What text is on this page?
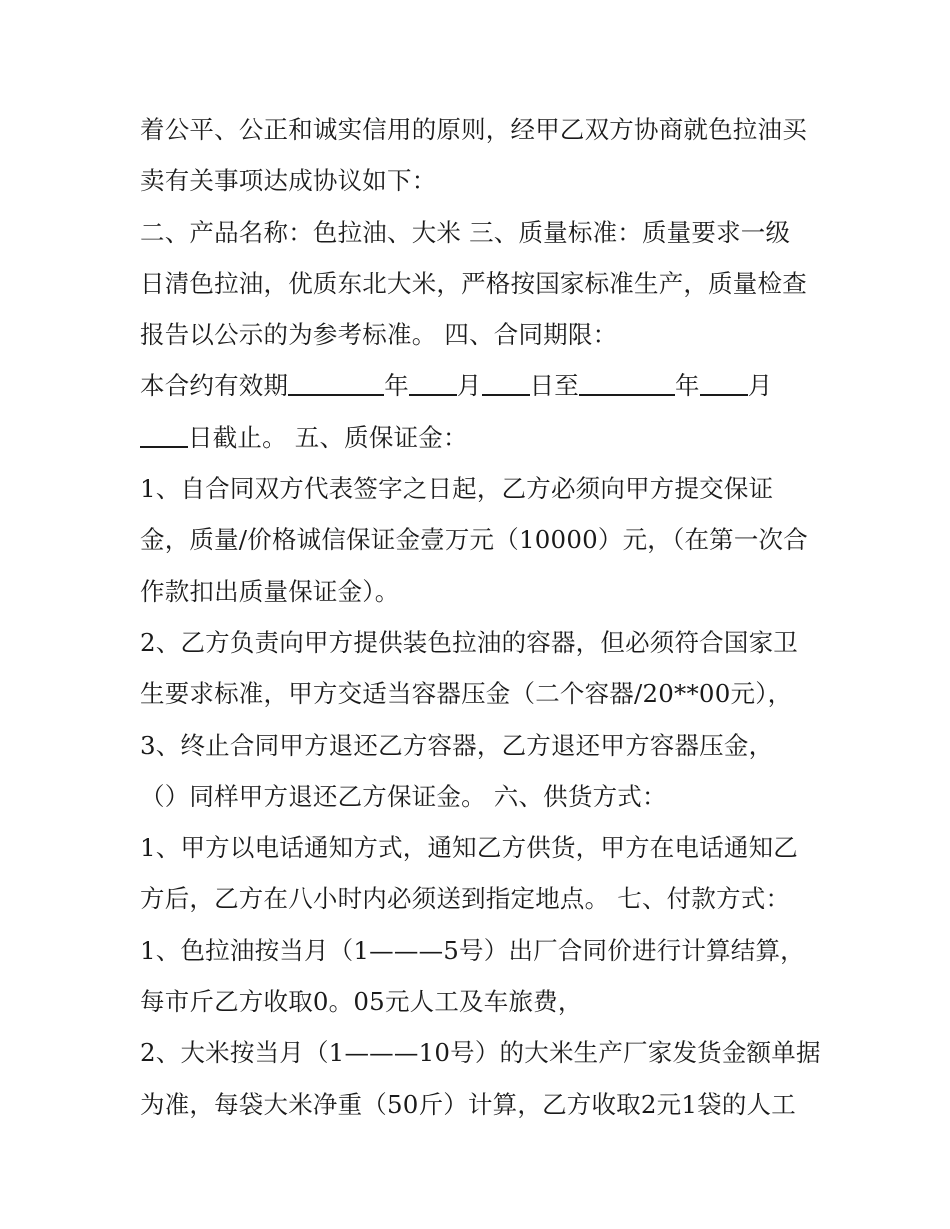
着公平、公正和诚实信用的原则，经甲乙双方协商就色拉油买
卖有关事项达成协议如下：
二、产品名称：色拉油、大米 三、质量标准：质量要求一级
日清色拉油，优质东北大米，严格按国家标准生产，质量检查
报告以公示的为参考标准。 四、合同期限：
本合约有效期	年 月 日至	年 月
日截止。 五、质保证金：
1、自合同双方代表签字之日起，乙方必须向甲方提交保证
金，质量/价格诚信保证金壹万元（10000）元，（在第一次合
作款扣出质量保证金）。
2、乙方负责向甲方提供装色拉油的容器，但必须符合国家卫
生要求标准，甲方交适当容器压金（二个容器/20**00元），
3、终止合同甲方退还乙方容器，乙方退还甲方容器压金，
（）同样甲方退还乙方保证金。 六、供货方式：
1、甲方以电话通知方式，通知乙方供货，甲方在电话通知乙
方后，乙方在八小时内必须送到指定地点。 七、付款方式：
1、色拉油按当月（1———5号）出厂合同价进行计算结算，
每市斤乙方收取0。05元人工及车旅费，
2、大米按当月（1———10号）的大米生产厂家发货金额单据
为准，每袋大米净重（50斤）计算，乙方收取2元1袋的人工
